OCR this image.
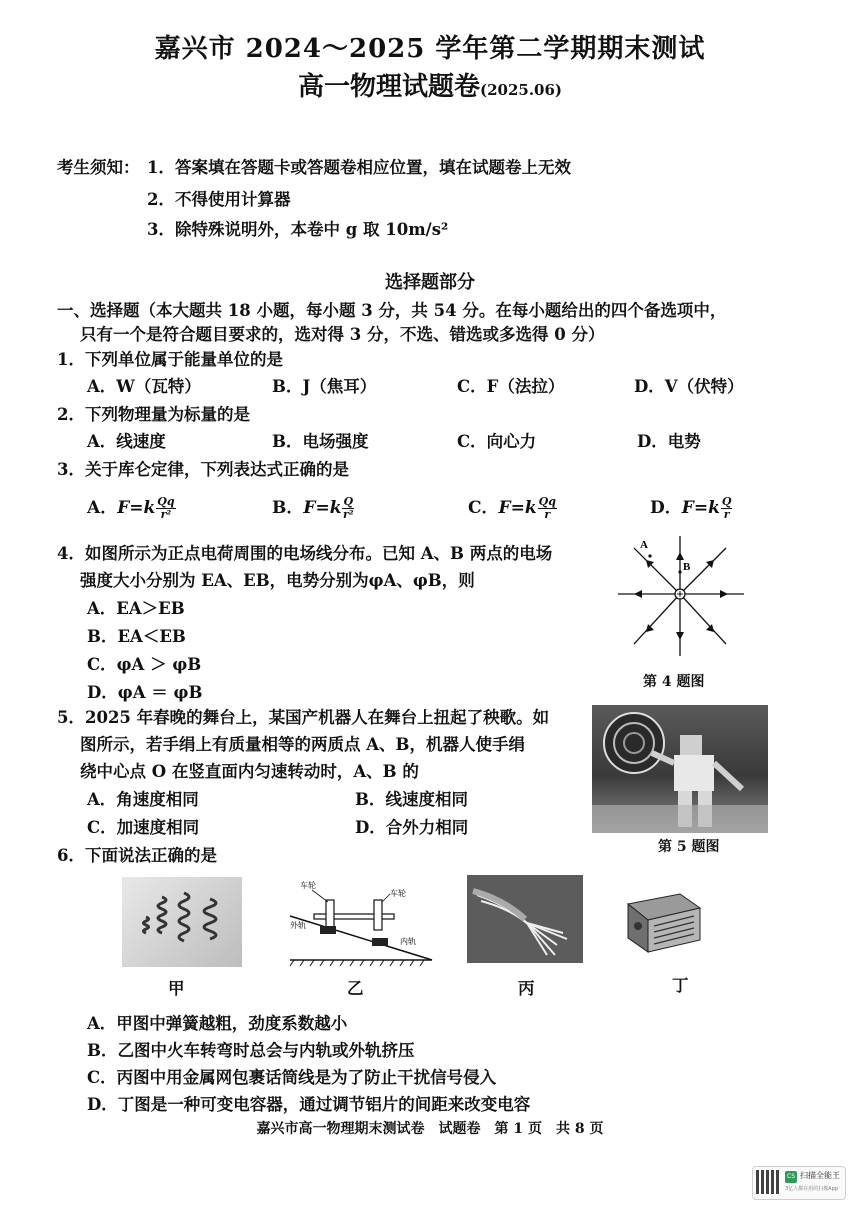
嘉兴市 2024～2025 学年第二学期期末测试
高一物理试题卷(2025.06)
考生须知： 1．答案填在答题卡或答题卷相应位置，填在试题卷上无效
2．不得使用计算器
3．除特殊说明外，本卷中 g 取 10m/s²
选择题部分
一、选择题（本大题共 18 小题，每小题 3 分，共 54 分。在每小题给出的四个备选项中，
只有一个是符合题目要求的，选对得 3 分，不选、错选或多选得 0 分）
1．下列单位属于能量单位的是
A．W（瓦特）	B．J（焦耳）	C．F（法拉）	D．V（伏特）
2．下列物理量为标量的是
A．线速度	B．电场强度	C．向心力	D．电势
3．关于库仑定律，下列表达式正确的是
A．$F=k \frac{Qq}{\text{r²}}$	B．$F=k \frac{Q}{\text{r²}}$	C．$F=k \frac{Qq}{r}$	D．$F=k \frac{Q}{r}$
4．如图所示为正点电荷周围的电场线分布。已知 A、B 两点的电场
强度大小分别为 EA、EB，电势分别为φA、φB，则
A．EA＞EB
B．EA＜EB
C．φA ＞ φB
D．φA ＝ φB
A
B
第 4 题图
5．2025 年春晚的舞台上，某国产机器人在舞台上扭起了秧歌。如
图所示，若手绢上有质量相等的两质点 A、B，机器人使手绢
绕中心点 O 在竖直面内匀速转动时，A、B 的
A．角速度相同	B．线速度相同
C．加速度相同	D．合外力相同
第 5 题图
6．下面说法正确的是
甲
车轮
车轮
外轨
内轨
乙	丙	丁
A．甲图中弹簧越粗，劲度系数越小
B．乙图中火车转弯时总会与内轨或外轨挤压
C．丙图中用金属网包裹话筒线是为了防止干扰信号侵入
D．丁图是一种可变电容器，通过调节铝片的间距来改变电容
嘉兴市高一物理期末测试卷　试题卷　第 1 页　共 8 页
CS 扫描全能王
3亿人都在用的扫描App
